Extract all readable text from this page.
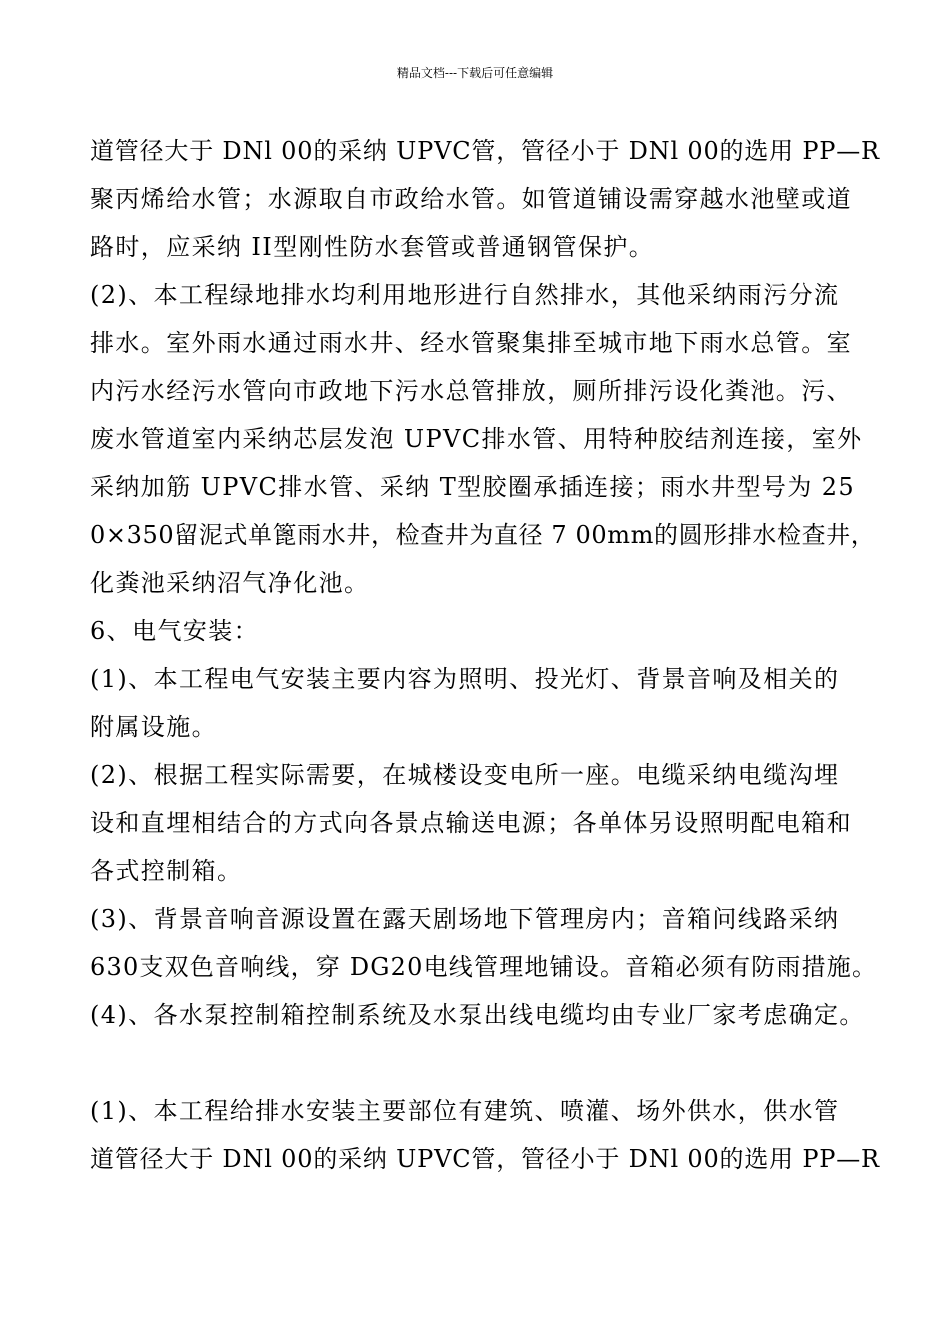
精品文档---下载后可任意编辑
道管径大于 DNl 00的采纳 UPVC管，管径小于 DNl 00的选用 PP—R
聚丙烯给水管；水源取自市政给水管。如管道铺设需穿越水池壁或道
路时，应采纳 II型刚性防水套管或普通钢管保护。
(2)、本工程绿地排水均利用地形进行自然排水，其他采纳雨污分流
排水。室外雨水通过雨水井、经水管聚集排至城市地下雨水总管。室
内污水经污水管向市政地下污水总管排放，厕所排污设化粪池。污、
废水管道室内采纳芯层发泡 UPVC排水管、用特种胶结剂连接，室外
采纳加筋 UPVC排水管、采纳 T型胶圈承插连接；雨水井型号为 25
0×350留泥式单篦雨水井，检查井为直径 7 00mm的圆形排水检查井，
化粪池采纳沼气净化池。
6、电气安装：
(1)、本工程电气安装主要内容为照明、投光灯、背景音响及相关的
附属设施。
(2)、根据工程实际需要，在城楼设变电所一座。电缆采纳电缆沟埋
设和直埋相结合的方式向各景点输送电源；各单体另设照明配电箱和
各式控制箱。
(3)、背景音响音源设置在露天剧场地下管理房内；音箱问线路采纳
630支双色音响线，穿 DG20电线管理地铺设。音箱必须有防雨措施。
(4)、各水泵控制箱控制系统及水泵出线电缆均由专业厂家考虑确定。
(1)、本工程给排水安装主要部位有建筑、喷灌、场外供水，供水管
道管径大于 DNl 00的采纳 UPVC管，管径小于 DNl 00的选用 PP—R
